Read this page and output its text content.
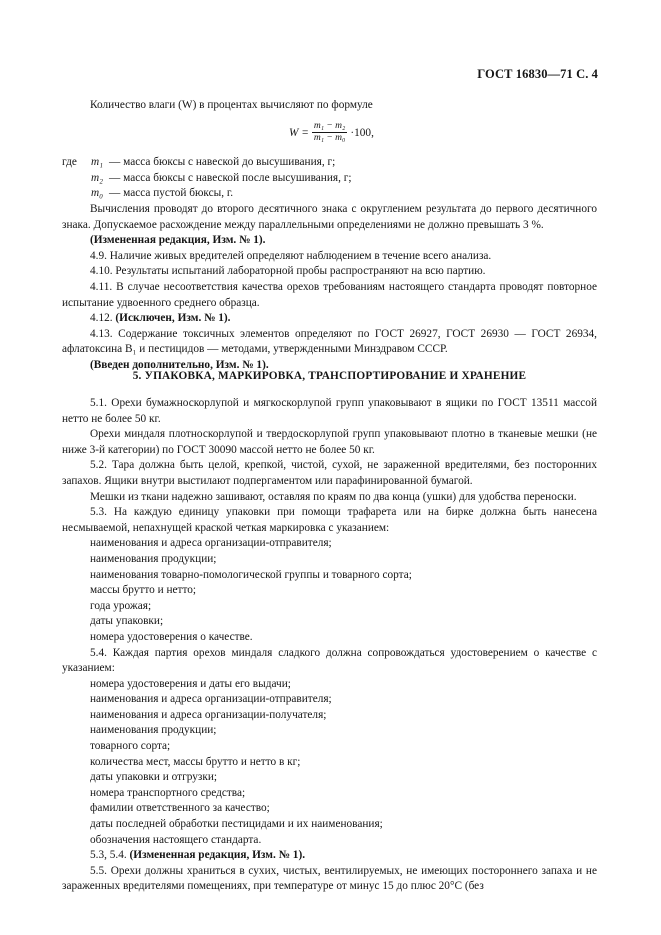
ГОСТ 16830—71 С. 4

Количество влаги (W) в процентах вычисляют по формуле

$W = \frac{\text{m₁ − m₂}}{\text{m₁ − m₀}} \cdot 100$,
где	m₁ — масса бюксы с навеской до высушивания, г;
m₂ — масса бюксы с навеской после высушивания, г;
m₀ — масса пустой бюксы, г.

Вычисления проводят до второго десятичного знака с округлением результата до первого десятичного знака. Допускаемое расхождение между параллельными определениями не должно превышать 3 %.

(Измененная редакция, Изм. № 1).

4.9. Наличие живых вредителей определяют наблюдением в течение всего анализа.

4.10. Результаты испытаний лабораторной пробы распространяют на всю партию.

4.11. В случае несоответствия качества орехов требованиям настоящего стандарта проводят повторное испытание удвоенного среднего образца.

4.12. (Исключен, Изм. № 1).

4.13. Содержание токсичных элементов определяют по ГОСТ 26927, ГОСТ 26930 — ГОСТ 26934, афлатоксина B₁ и пестицидов — методами, утвержденными Минздравом СССР.

(Введен дополнительно, Изм. № 1).

5. УПАКОВКА, МАРКИРОВКА, ТРАНСПОРТИРОВАНИЕ И ХРАНЕНИЕ

5.1. Орехи бумажноскорлупой и мягкоскорлупой групп упаковывают в ящики по ГОСТ 13511 массой нетто не более 50 кг.

Орехи миндаля плотноскорлупой и твердоскорлупой групп упаковывают плотно в тканевые мешки (не ниже 3-й категории) по ГОСТ 30090 массой нетто не более 50 кг.

5.2. Тара должна быть целой, крепкой, чистой, сухой, не зараженной вредителями, без посторонних запахов. Ящики внутри выстилают подпергаментом или парафинированной бумагой.

Мешки из ткани надежно зашивают, оставляя по краям по два конца (ушки) для удобства переноски.

5.3. На каждую единицу упаковки при помощи трафарета или на бирке должна быть нанесена несмываемой, непахнущей краской четкая маркировка с указанием:

наименования и адреса организации-отправителя;
наименования продукции;
наименования товарно-помологической группы и товарного сорта;
массы брутто и нетто;
года урожая;
даты упаковки;
номера удостоверения о качестве.

5.4. Каждая партия орехов миндаля сладкого должна сопровождаться удостоверением о качестве с указанием:

номера удостоверения и даты его выдачи;
наименования и адреса организации-отправителя;
наименования и адреса организации-получателя;
наименования продукции;
товарного сорта;
количества мест, массы брутто и нетто в кг;
даты упаковки и отгрузки;
номера транспортного средства;
фамилии ответственного за качество;
даты последней обработки пестицидами и их наименования;
обозначения настоящего стандарта.

5.3, 5.4. (Измененная редакция, Изм. № 1).

5.5. Орехи должны храниться в сухих, чистых, вентилируемых, не имеющих постороннего запаха и не зараженных вредителями помещениях, при температуре от минус 15 до плюс 20°С (без
